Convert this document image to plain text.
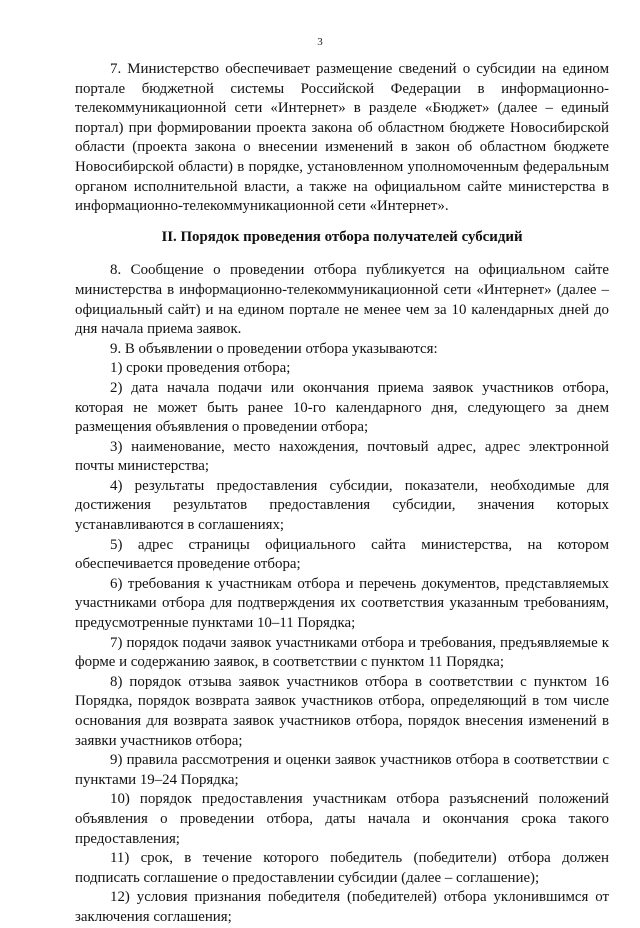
3

7. Министерство обеспечивает размещение сведений о субсидии на едином портале бюджетной системы Российской Федерации в информационно-телекоммуникационной сети «Интернет» в разделе «Бюджет» (далее – единый портал) при формировании проекта закона об областном бюджете Новосибирской области (проекта закона о внесении изменений в закон об областном бюджете Новосибирской области) в порядке, установленном уполномоченным федеральным органом исполнительной власти, а также на официальном сайте министерства в информационно-телекоммуникационной сети «Интернет».

II. Порядок проведения отбора получателей субсидий

8. Сообщение о проведении отбора публикуется на официальном сайте министерства в информационно-телекоммуникационной сети «Интернет» (далее – официальный сайт) и на едином портале не менее чем за 10 календарных дней до дня начала приема заявок.

9. В объявлении о проведении отбора указываются:

1) сроки проведения отбора;

2) дата начала подачи или окончания приема заявок участников отбора, которая не может быть ранее 10-го календарного дня, следующего за днем размещения объявления о проведении отбора;

3) наименование, место нахождения, почтовый адрес, адрес электронной почты министерства;

4) результаты предоставления субсидии, показатели, необходимые для достижения результатов предоставления субсидии, значения которых устанавливаются в соглашениях;

5) адрес страницы официального сайта министерства, на котором обеспечивается проведение отбора;

6) требования к участникам отбора и перечень документов, представляемых участниками отбора для подтверждения их соответствия указанным требованиям, предусмотренные пунктами 10–11 Порядка;

7) порядок подачи заявок участниками отбора и требования, предъявляемые к форме и содержанию заявок, в соответствии с пунктом 11 Порядка;

8) порядок отзыва заявок участников отбора в соответствии с пунктом 16 Порядка, порядок возврата заявок участников отбора, определяющий в том числе основания для возврата заявок участников отбора, порядок внесения изменений в заявки участников отбора;

9) правила рассмотрения и оценки заявок участников отбора в соответствии с пунктами 19–24 Порядка;

10) порядок предоставления участникам отбора разъяснений положений объявления о проведении отбора, даты начала и окончания срока такого предоставления;

11) срок, в течение которого победитель (победители) отбора должен подписать соглашение о предоставлении субсидии (далее – соглашение);

12) условия признания победителя (победителей) отбора уклонившимся от заключения соглашения;
